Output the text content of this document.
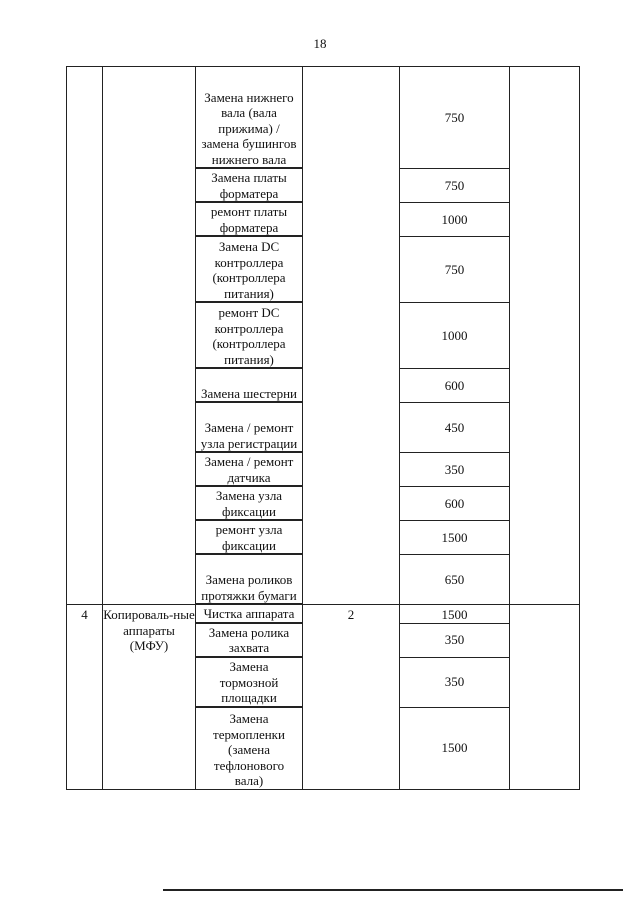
18

		Замена нижнего вала (вала прижима) / замена бушингов нижнего вала		750	

		Замена платы форматера		750	

		ремонт платы форматера		1000	

		Замена DC контроллера (контроллера питания)		750	

		ремонт DC контроллера (контроллера питания)		1000	

		Замена шестерни		600	

		Замена / ремонт узла регистрации		450	

		Замена / ремонт датчика		350	

		Замена узла фиксации		600	

		ремонт узла фиксации		1500	

		Замена роликов протяжки бумаги		650	

4	Копироваль-ные аппараты (МФУ)	Чистка аппарата	2	1500	

		Замена ролика захвата		350	

		Замена тормозной площадки		350	

		Замена термопленки (замена тефлонового вала)		1500	
